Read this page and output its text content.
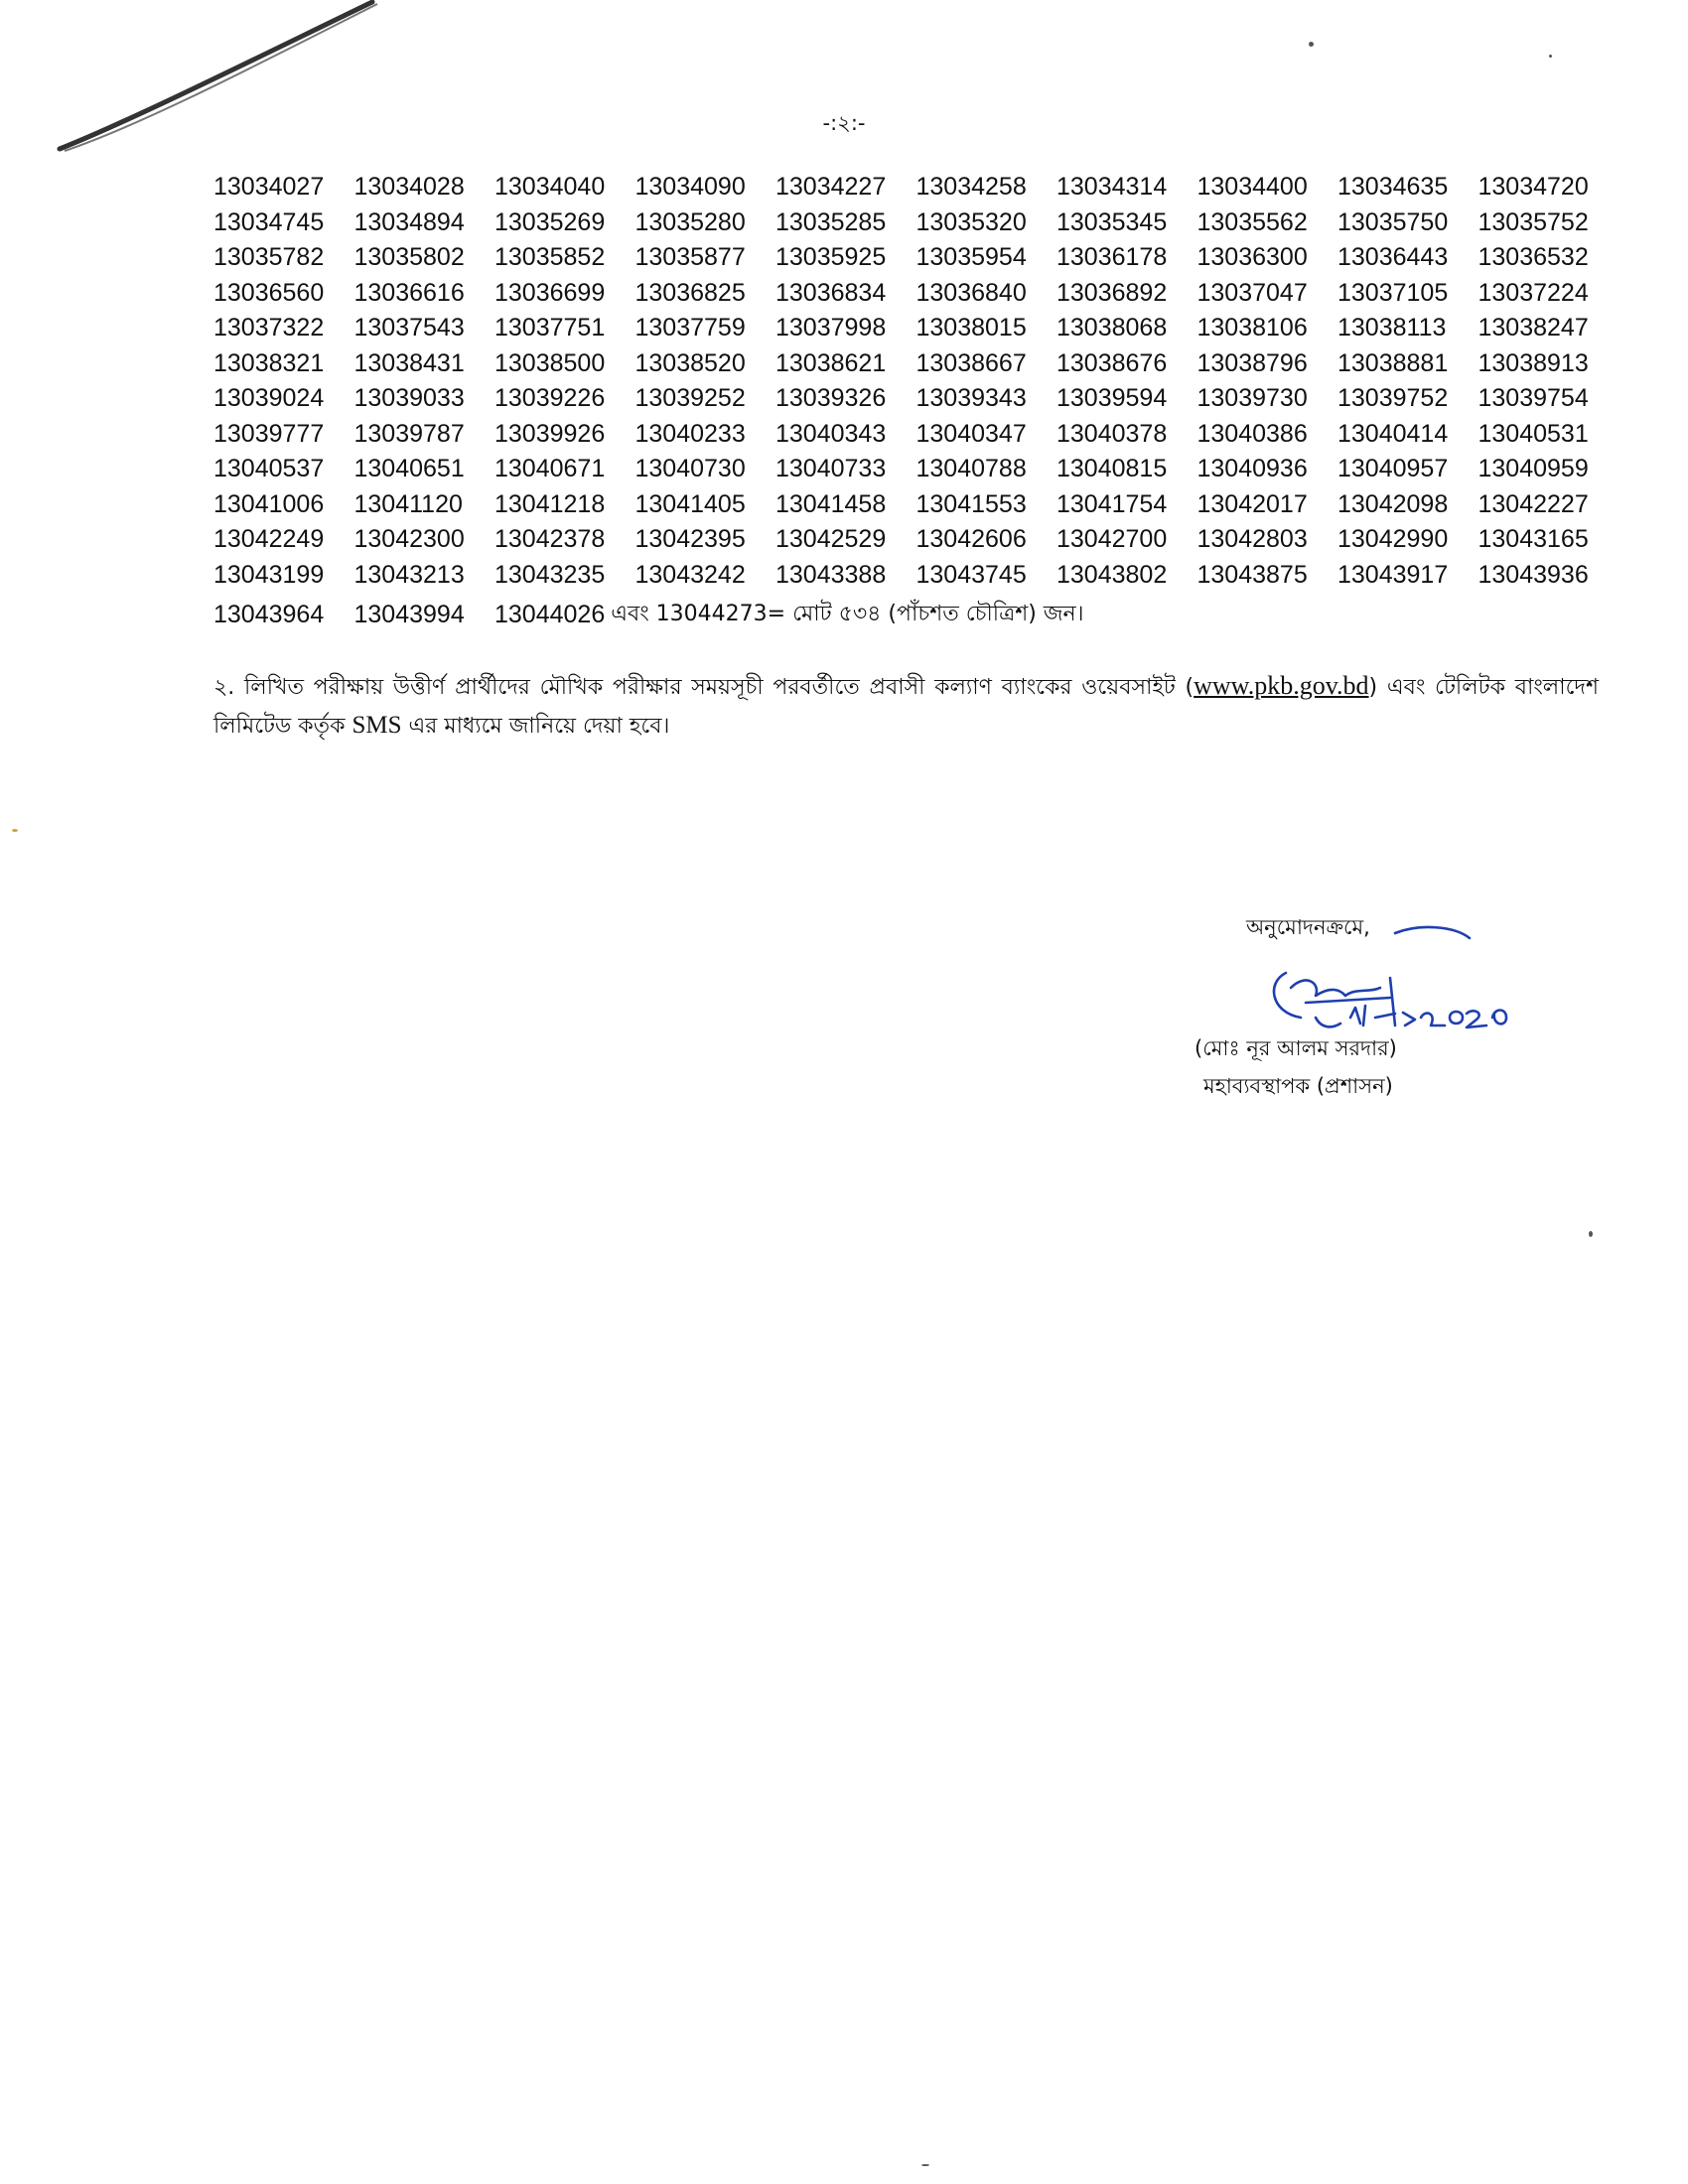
-:২:-
13034027	13034028	13034040	13034090	13034227	13034258	13034314	13034400	13034635	13034720
13034745	13034894	13035269	13035280	13035285	13035320	13035345	13035562	13035750	13035752
13035782	13035802	13035852	13035877	13035925	13035954	13036178	13036300	13036443	13036532
13036560	13036616	13036699	13036825	13036834	13036840	13036892	13037047	13037105	13037224
13037322	13037543	13037751	13037759	13037998	13038015	13038068	13038106	13038113	13038247
13038321	13038431	13038500	13038520	13038621	13038667	13038676	13038796	13038881	13038913
13039024	13039033	13039226	13039252	13039326	13039343	13039594	13039730	13039752	13039754
13039777	13039787	13039926	13040233	13040343	13040347	13040378	13040386	13040414	13040531
13040537	13040651	13040671	13040730	13040733	13040788	13040815	13040936	13040957	13040959
13041006	13041120	13041218	13041405	13041458	13041553	13041754	13042017	13042098	13042227
13042249	13042300	13042378	13042395	13042529	13042606	13042700	13042803	13042990	13043165
13043199	13043213	13043235	13043242	13043388	13043745	13043802	13043875	13043917	13043936
13043964	13043994	13044026 এবং 13044273= মোট ৫৩৪ (পাঁচশত চৌত্রিশ) জন।
২. লিখিত পরীক্ষায় উত্তীর্ণ প্রার্থীদের মৌখিক পরীক্ষার সময়সূচী পরবর্তীতে প্রবাসী কল্যাণ ব্যাংকের ওয়েবসাইট (www.pkb.gov.bd) এবং টেলিটক বাংলাদেশ লিমিটেড কর্তৃক SMS এর মাধ্যমে জানিয়ে দেয়া হবে।
অনুমোদনক্রমে,
(মোঃ নূর আলম সরদার)
মহাব্যবস্থাপক (প্রশাসন)
